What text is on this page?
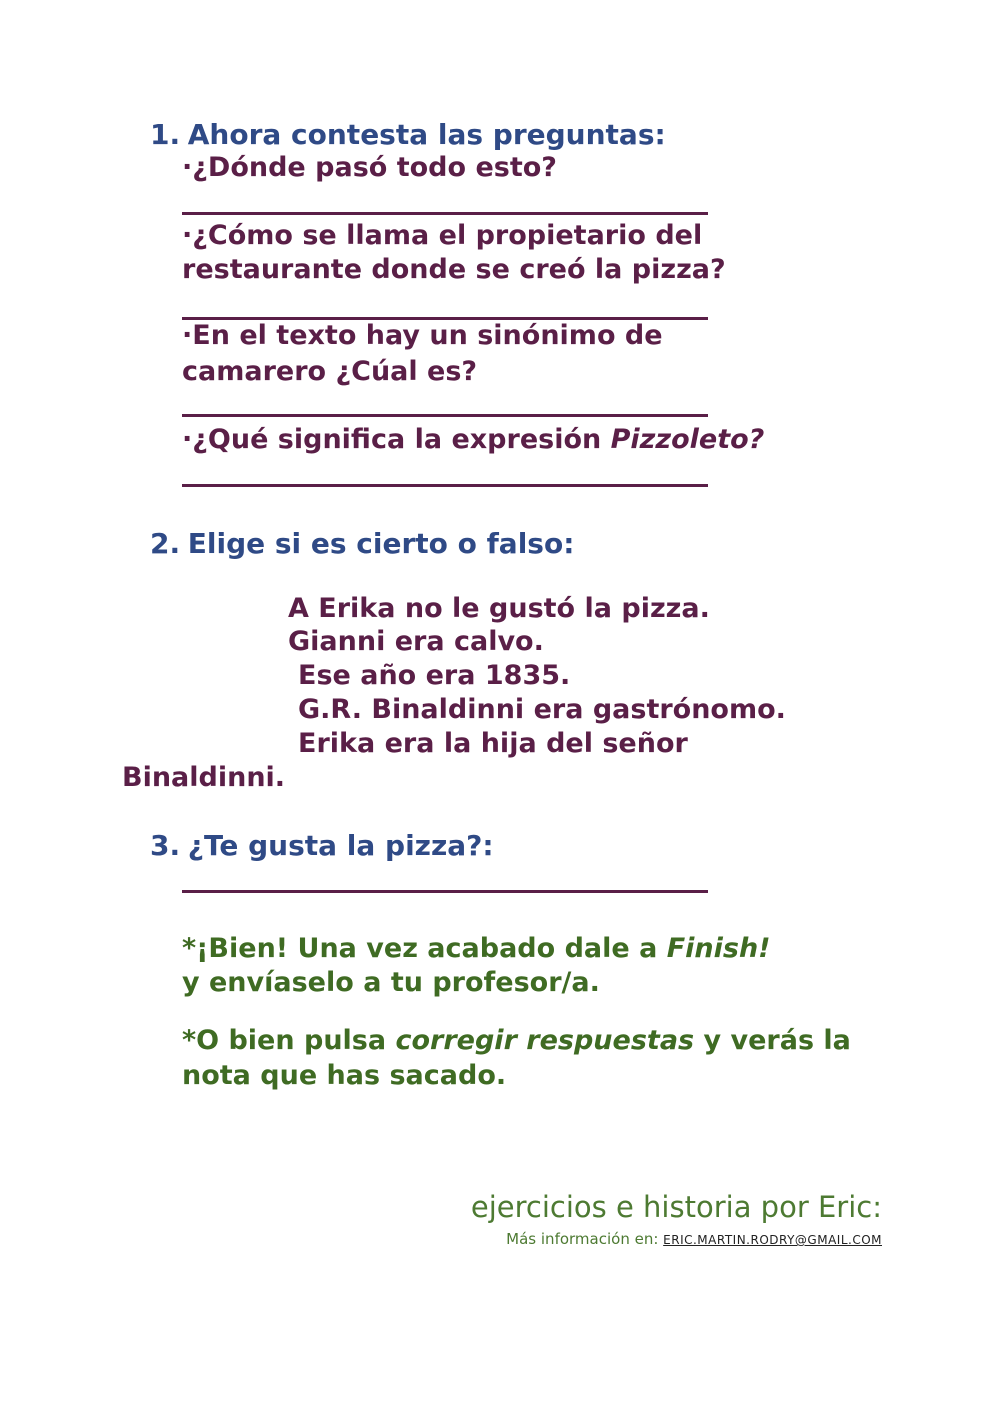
1. Ahora contesta las preguntas:
·¿Dónde pasó todo esto?
·¿Cómo se llama el propietario del
restaurante donde se creó la pizza?
·En el texto hay un sinónimo de
camarero ¿Cúal es?
·¿Qué significa la expresión Pizzoleto?
2. Elige si es cierto o falso:
A Erika no le gustó la pizza.
Gianni era calvo.
Ese año era 1835.
G.R. Binaldinni era gastrónomo.
Erika era la hija del señor
Binaldinni.
3. ¿Te gusta la pizza?:
*¡Bien! Una vez acabado dale a Finish!
y envíaselo a tu profesor/a.
*O bien pulsa corregir respuestas y verás la
nota que has sacado.
ejercicios e historia por Eric:
Más información en: ERIC.MARTIN.RODRY@GMAIL.COM
